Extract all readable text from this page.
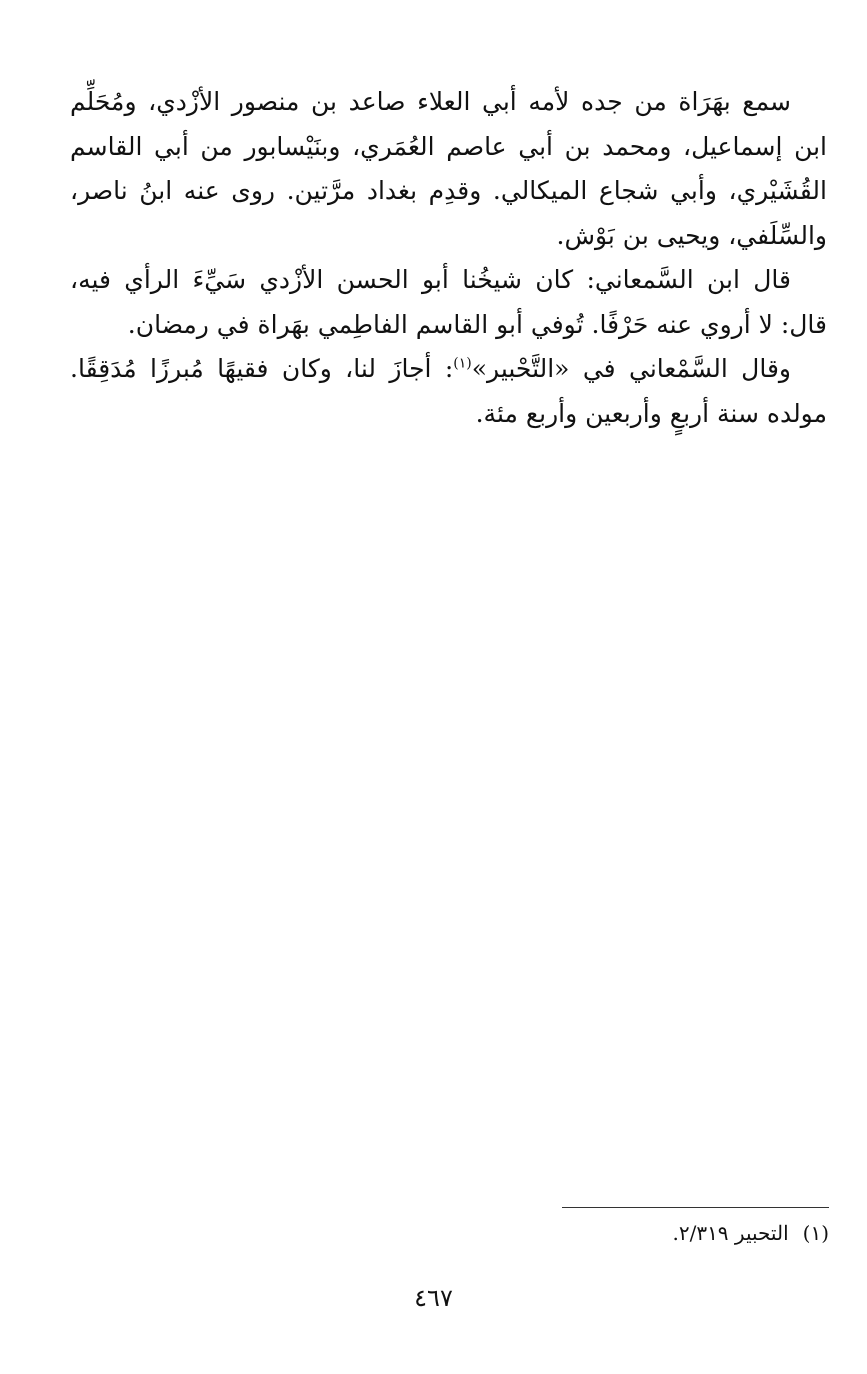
سمع بهَرَاة من جده لأمه أبي العلاء صاعد بن منصور الأزْدي، ومُحَلِّم
ابن إسماعيل، ومحمد بن أبي عاصم العُمَري، وبنَيْسابور من أبي القاسم
القُشَيْري، وأبي شجاع الميكالي. وقدِم بغداد مرَّتين. روى عنه ابنُ ناصر،
والسِّلَفي، ويحيى بن بَوْش.

قال ابن السَّمعاني: كان شيخُنا أبو الحسن الأزْدي سَيِّءَ الرأي فيه،
قال: لا أروي عنه حَرْفًا. تُوفي أبو القاسم الفاطِمي بهَراة في رمضان.

وقال السَّمْعاني في «التَّحْبير»$^{(١)}$: أجازَ لنا، وكان فقيهًا مُبرزًا مُدَقِقًا.
مولده سنة أربعٍ وأربعين وأربع مئة.

(١)التحبير ٢/٣١٩.
٤٦٧
